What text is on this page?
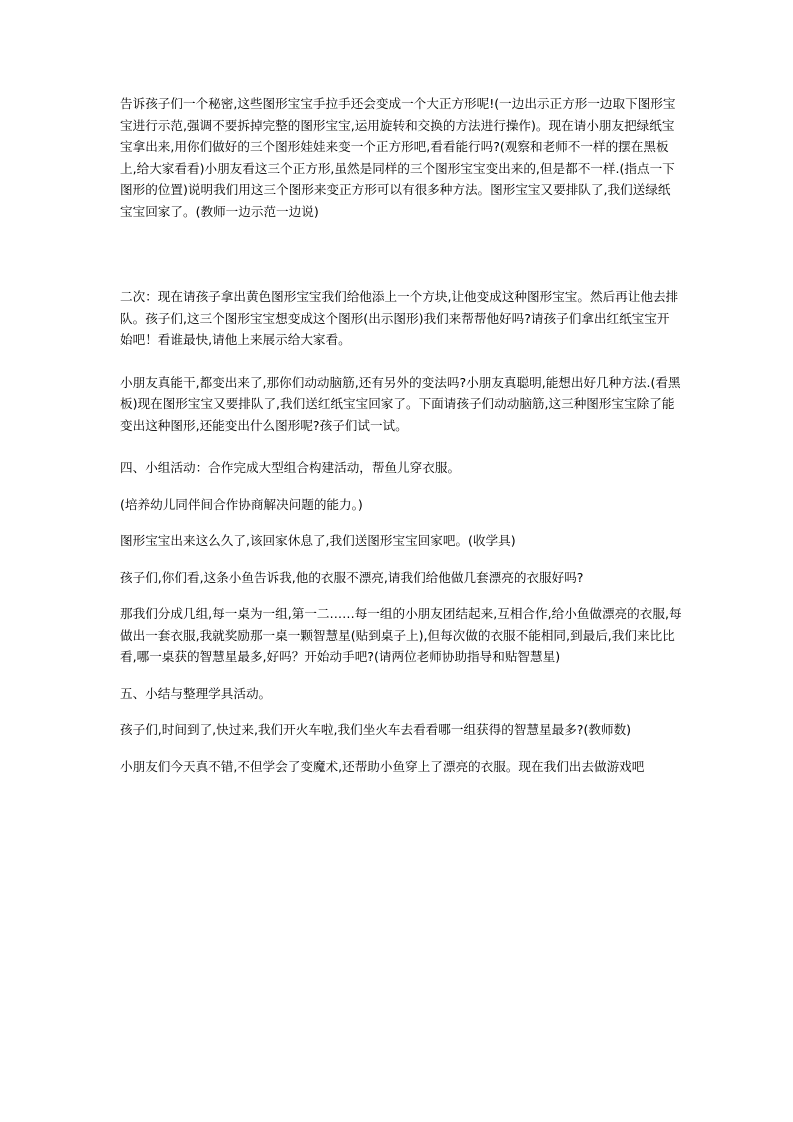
告诉孩子们一个秘密,这些图形宝宝手拉手还会变成一个大正方形呢!(一边出示正方形一边取下图形宝宝进行示范,强调不要拆掉完整的图形宝宝,运用旋转和交换的方法进行操作)。现在请小朋友把绿纸宝宝拿出来,用你们做好的三个图形娃娃来变一个正方形吧,看看能行吗?(观察和老师不一样的摆在黑板上,给大家看看)小朋友看这三个正方形,虽然是同样的三个图形宝宝变出来的,但是都不一样.(指点一下图形的位置)说明我们用这三个图形来变正方形可以有很多种方法。图形宝宝又要排队了,我们送绿纸宝宝回家了。(教师一边示范一边说)

二次：现在请孩子拿出黄色图形宝宝我们给他添上一个方块,让他变成这种图形宝宝。然后再让他去排队。孩子们,这三个图形宝宝想变成这个图形(出示图形)我们来帮帮他好吗?请孩子们拿出红纸宝宝开始吧！看谁最快,请他上来展示给大家看。

小朋友真能干,都变出来了,那你们动动脑筋,还有另外的变法吗?小朋友真聪明,能想出好几种方法.(看黑板)现在图形宝宝又要排队了,我们送红纸宝宝回家了。下面请孩子们动动脑筋,这三种图形宝宝除了能变出这种图形,还能变出什么图形呢?孩子们试一试。

四、小组活动：合作完成大型组合构建活动，帮鱼儿穿衣服。

(培养幼儿同伴间合作协商解决问题的能力。)

图形宝宝出来这么久了,该回家休息了,我们送图形宝宝回家吧。(收学具)

孩子们,你们看,这条小鱼告诉我,他的衣服不漂亮,请我们给他做几套漂亮的衣服好吗?

那我们分成几组,每一桌为一组,第一二……每一组的小朋友团结起来,互相合作,给小鱼做漂亮的衣服,每做出一套衣服,我就奖励那一桌一颗智慧星(贴到桌子上),但每次做的衣服不能相同,到最后,我们来比比看,哪一桌获的智慧星最多,好吗？开始动手吧?(请两位老师协助指导和贴智慧星)

五、小结与整理学具活动。

孩子们,时间到了,快过来,我们开火车啦,我们坐火车去看看哪一组获得的智慧星最多?(教师数)

小朋友们今天真不错,不但学会了变魔术,还帮助小鱼穿上了漂亮的衣服。现在我们出去做游戏吧
